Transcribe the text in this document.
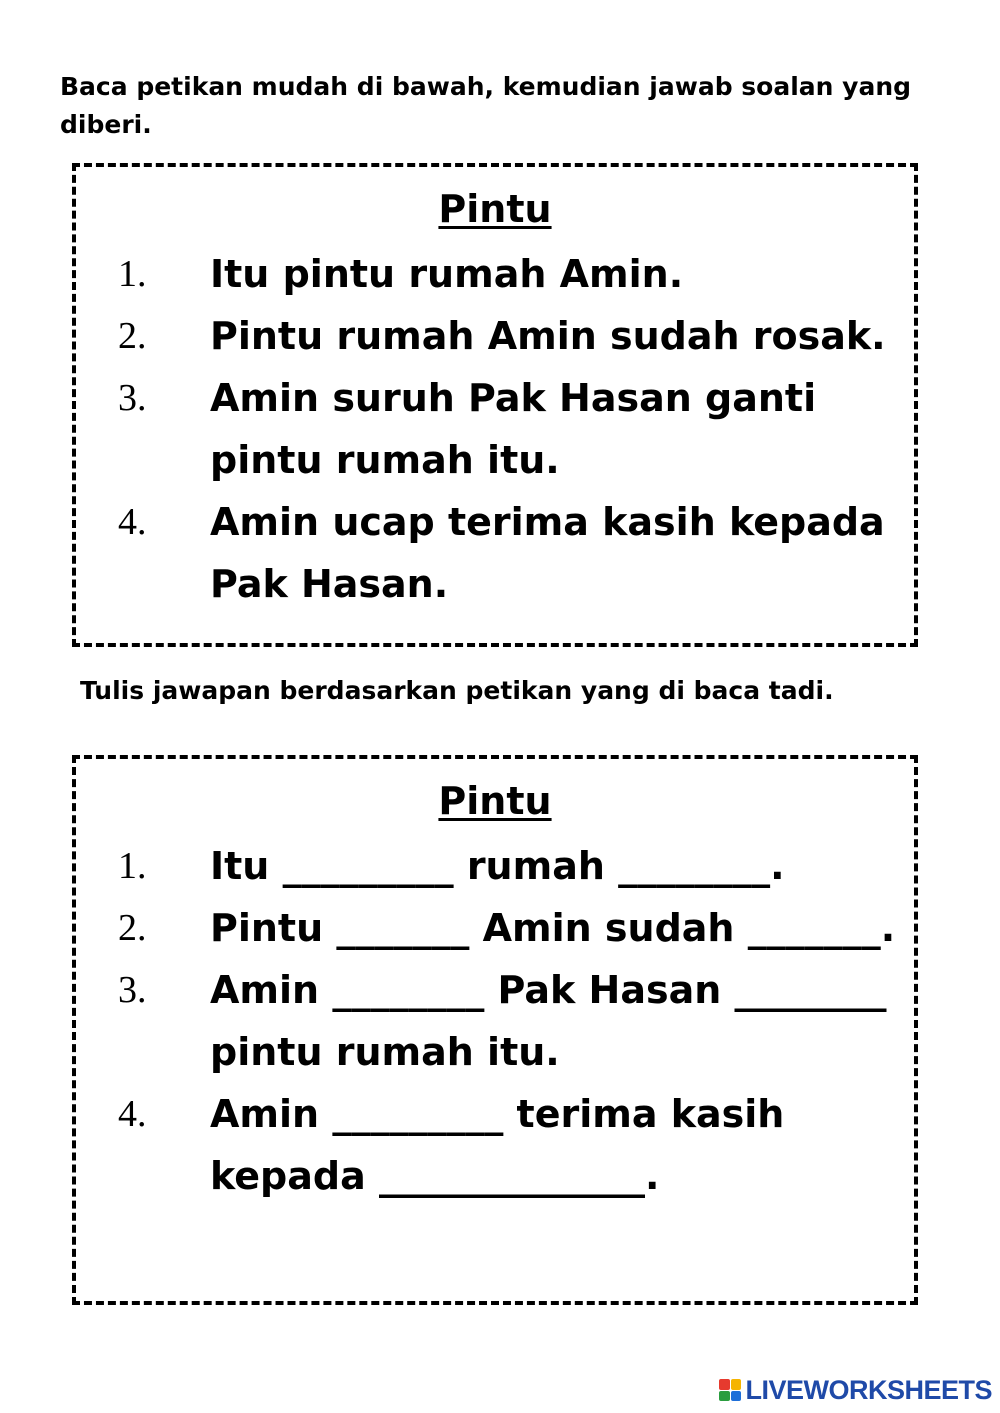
Baca petikan mudah di bawah, kemudian jawab soalan yang diberi.

Pintu
1. Itu pintu rumah Amin.
2. Pintu rumah Amin sudah rosak.
3. Amin suruh Pak Hasan ganti pintu rumah itu.
4. Amin ucap terima kasih kepada Pak Hasan.

Tulis jawapan berdasarkan petikan yang di baca tadi.

Pintu
1. Itu _________ rumah ________.
2. Pintu _______ Amin sudah _______.
3. Amin ________ Pak Hasan ________ pintu rumah itu.
4. Amin _________ terima kasih kepada ______________.
LIVEWORKSHEETS
